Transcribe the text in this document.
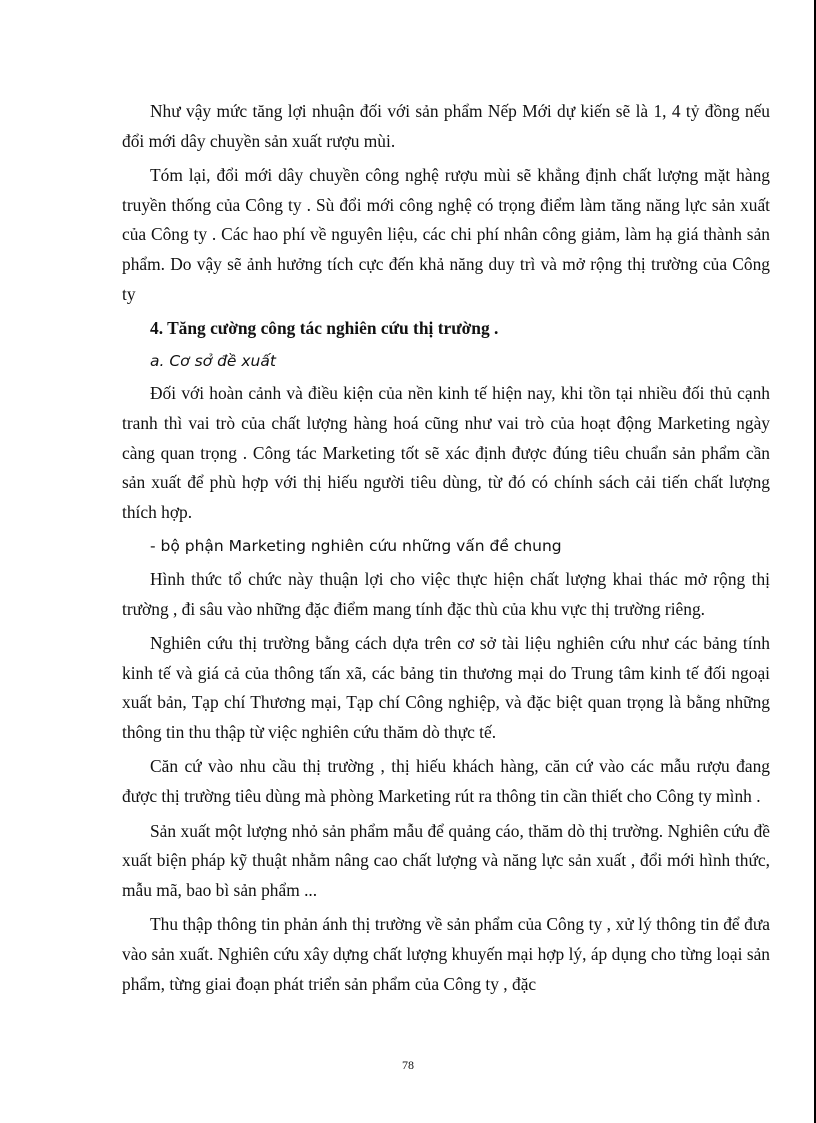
Như vậy mức tăng lợi nhuận đối với sản phẩm Nếp Mới dự kiến sẽ là 1, 4 tỷ đồng nếu đổi mới dây chuyền sản xuất rượu mùi.

Tóm lại, đổi mới dây chuyền công nghệ rượu mùi sẽ khẳng định chất lượng mặt hàng truyền thống của Công ty . Sù đổi mới công nghệ có trọng điểm làm tăng năng lực sản xuất của Công ty . Các hao phí về nguyên liệu, các chi phí nhân công giảm, làm hạ giá thành sản phẩm. Do vậy sẽ ảnh hưởng tích cực đến khả năng duy trì và mở rộng thị trường của Công ty

4. Tăng cường công tác nghiên cứu thị trường .

a. Cơ sở đề xuất

Đối với hoàn cảnh và điều kiện của nền kinh tế hiện nay, khi tồn tại nhiều đối thủ cạnh tranh thì vai trò của chất lượng hàng hoá cũng như vai trò của hoạt động Marketing ngày càng quan trọng . Công tác Marketing tốt sẽ xác định được đúng tiêu chuẩn sản phẩm cần sản xuất để phù hợp với thị hiếu người tiêu dùng, từ đó có chính sách cải tiến chất lượng thích hợp.

- bộ phận Marketing nghiên cứu những vấn đề chung

Hình thức tổ chức này thuận lợi cho việc thực hiện chất lượng khai thác mở rộng thị trường , đi sâu vào những đặc điểm mang tính đặc thù của khu vực thị trường riêng.

Nghiên cứu thị trường bằng cách dựa trên cơ sở tài liệu nghiên cứu như các bảng tính kinh tế và giá cả của thông tấn xã, các bảng tin thương mại do Trung tâm kinh tế đối ngoại xuất bản, Tạp chí Thương mại, Tạp chí Công nghiệp, và đặc biệt quan trọng là bằng những thông tin thu thập từ việc nghiên cứu thăm dò thực tế.

Căn cứ vào nhu cầu thị trường , thị hiếu khách hàng, căn cứ vào các mẫu rượu đang được thị trường tiêu dùng mà phòng Marketing rút ra thông tin cần thiết cho Công ty mình .

Sản xuất một lượng nhỏ sản phẩm mẫu để quảng cáo, thăm dò thị trường. Nghiên cứu đề xuất biện pháp kỹ thuật nhằm nâng cao chất lượng và năng lực sản xuất , đổi mới hình thức, mẫu mã, bao bì sản phẩm ...

Thu thập thông tin phản ánh thị trường về sản phẩm của Công ty , xử lý thông tin để đưa vào sản xuất. Nghiên cứu xây dựng chất lượng khuyến mại hợp lý, áp dụng cho từng loại sản phẩm, từng giai đoạn phát triển sản phẩm của Công ty , đặc

78
